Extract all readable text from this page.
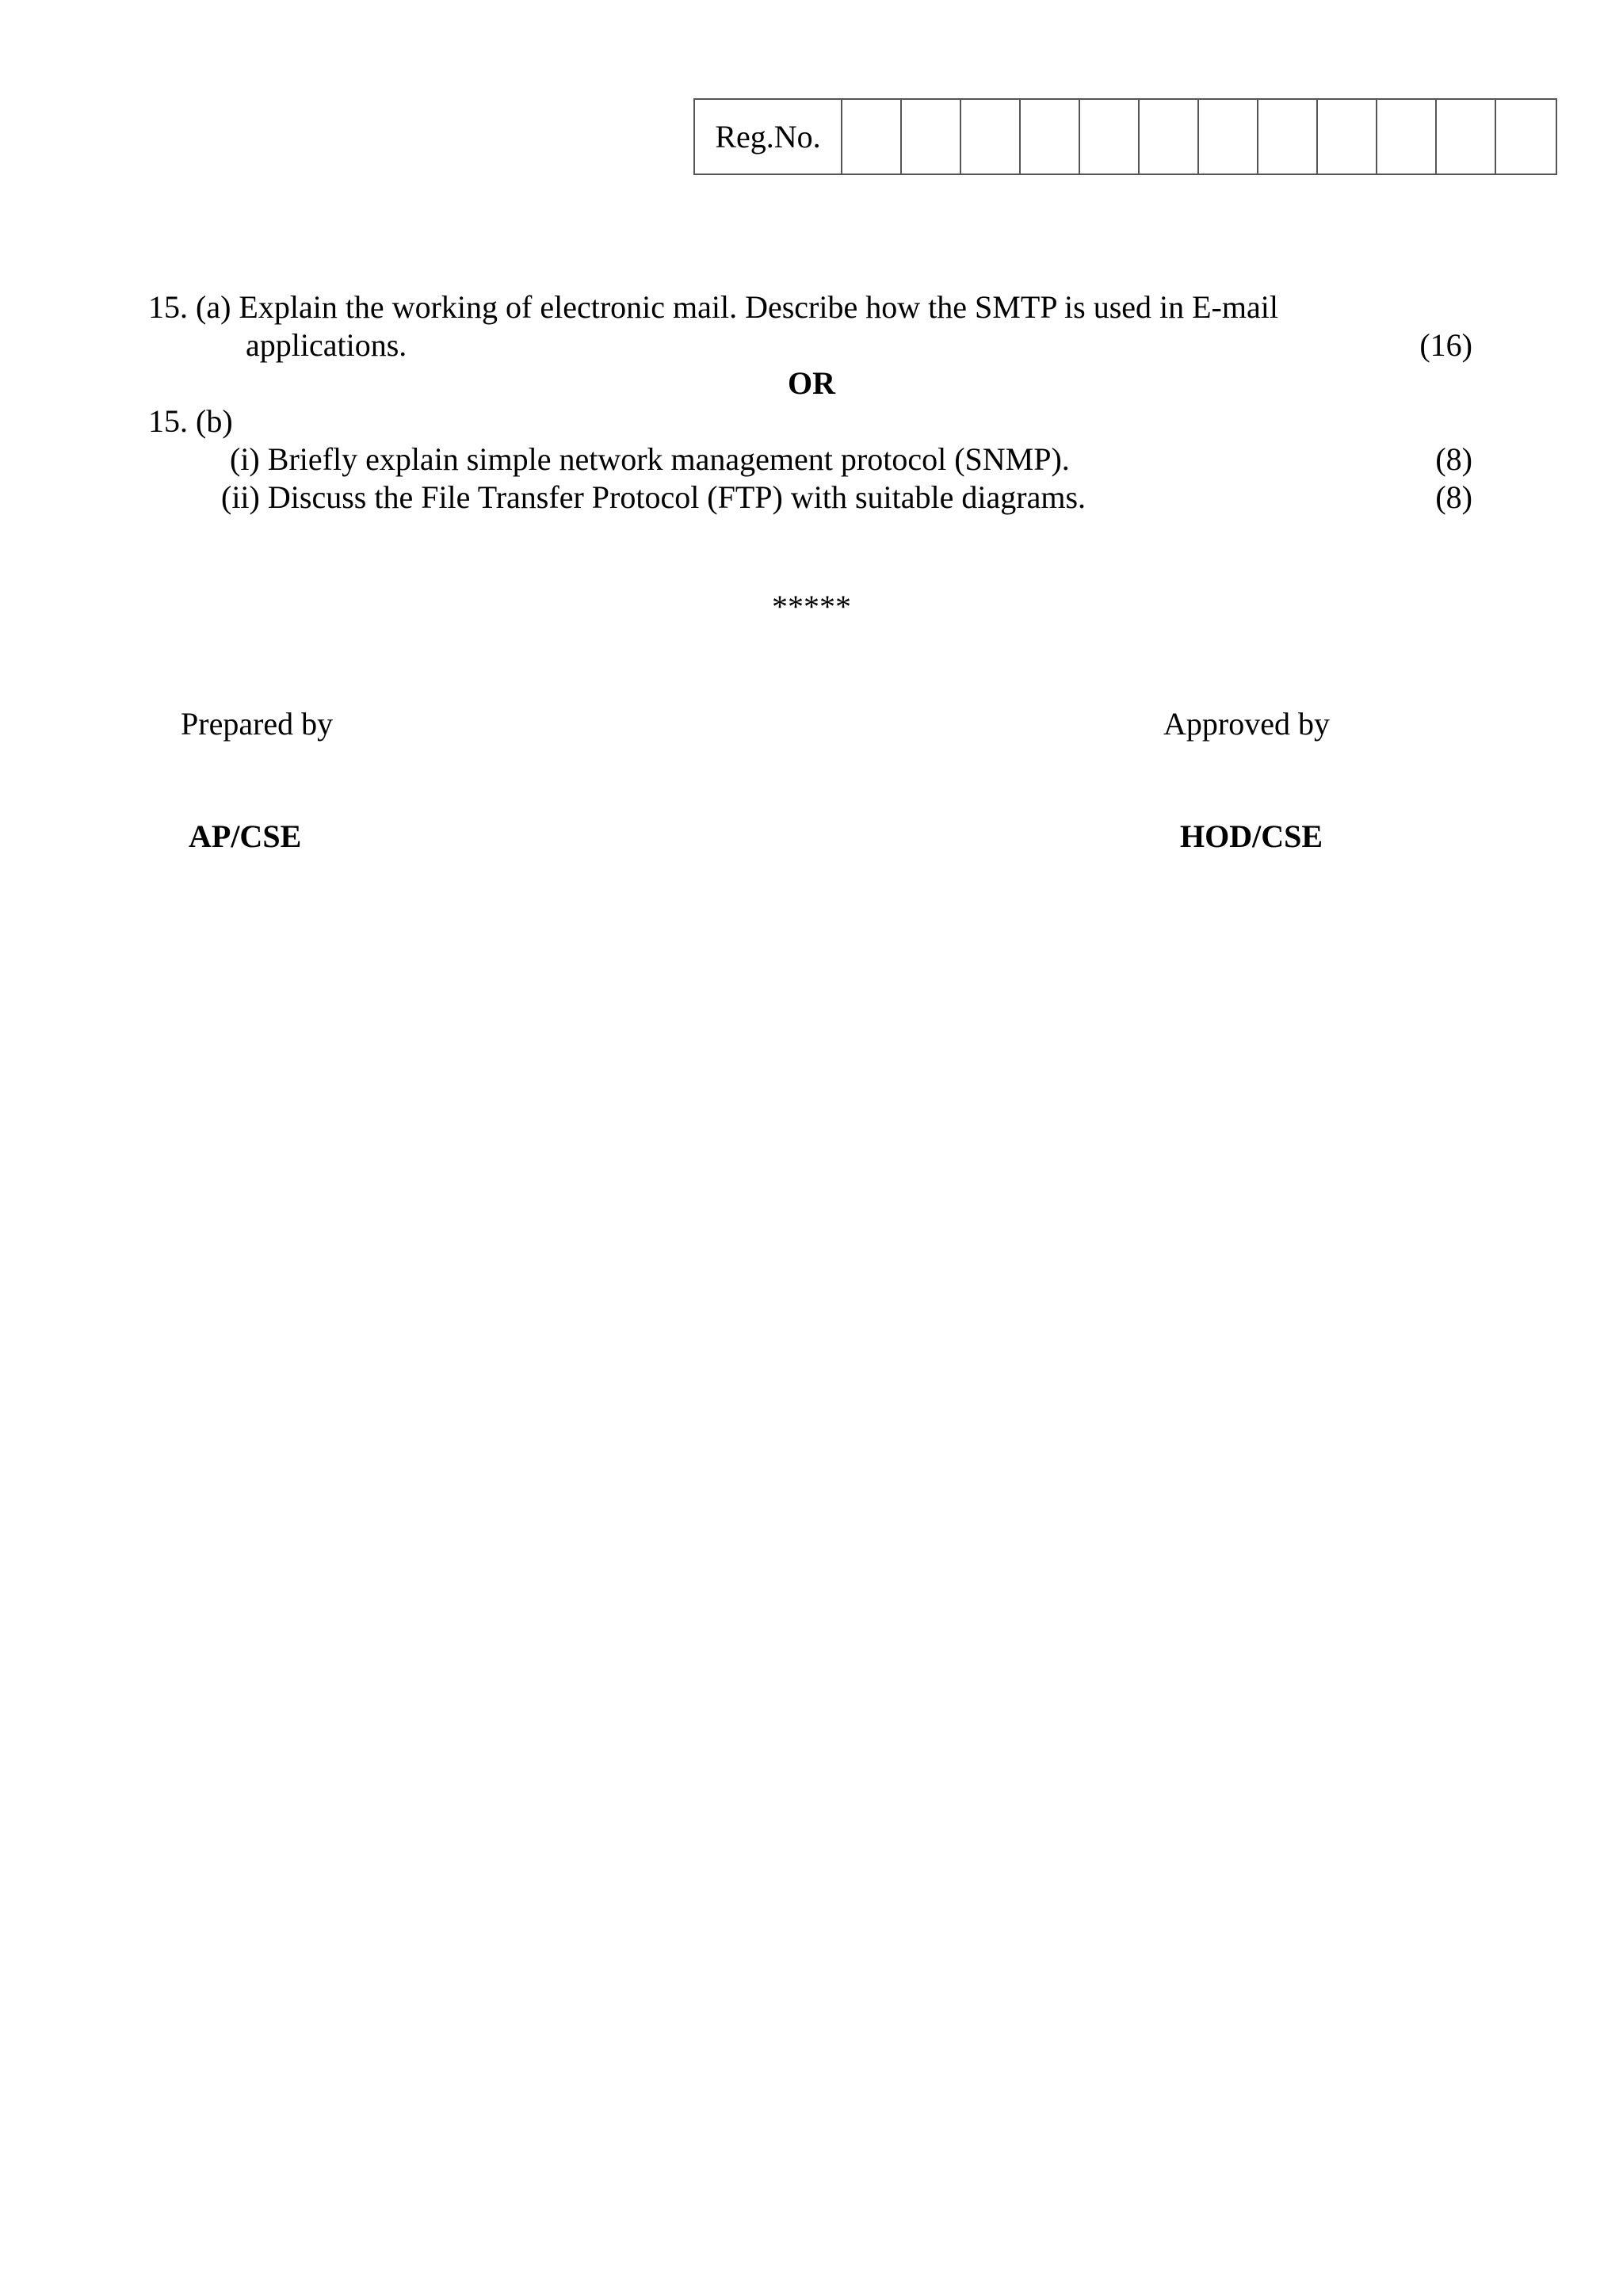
Reg.No.
15. (a) Explain the working of electronic mail. Describe how the SMTP is used in E-mail
applications.	(16)
OR
15. (b)
(i) Briefly explain simple network management protocol (SNMP).	(8)
(ii) Discuss the File Transfer Protocol (FTP) with suitable diagrams.	(8)
*****
Prepared by	Approved by
AP/CSE	HOD/CSE
